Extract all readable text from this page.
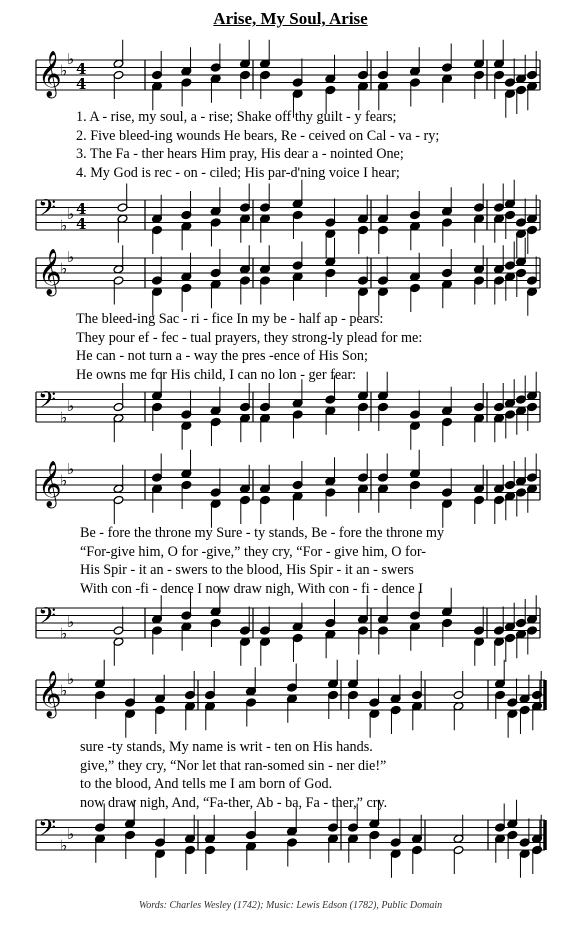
Arise, My Soul, Arise
𝄞
♭
♭
4
4
𝄢 ♭
♭ 4
4
𝄞
♭
♭
𝄢 ♭
♭
𝄞
♭
♭
𝄢 ♭
♭
𝄞
♭
♭
𝄢 ♭
♭
1. A - rise, my soul, a - rise; Shake off thy guilt - y fears;
2. Five bleed-ing wounds He bears, Re - ceived on Cal - va - ry;
3. The Fa - ther hears Him pray, His dear a - nointed One;
4. My God is rec - on - ciled; His par-d'ning voice I hear;
The bleed-ing Sac - ri - fice In my be - half ap - pears:
They pour ef - fec - tual prayers, they strong-ly plead for me:
He can - not turn a - way the pres -ence of His Son;
He owns me for His child, I can no lon - ger fear:
Be - fore the throne my Sure - ty stands, Be - fore the throne my
“For-give him, O for -give,” they cry, “For - give him, O for-
His Spir - it an - swers to the blood, His Spir - it an - swers
With con -fi - dence I now draw nigh, With con - fi - dence I
sure -ty stands, My name is writ - ten on His hands.
give,” they cry, “Nor let that ran-somed sin - ner die!”
to the blood, And tells me I am born of God.
now draw nigh, And, “Fa-ther, Ab - ba, Fa - ther,” cry.
Words: Charles Wesley (1742); Music: Lewis Edson (1782), Public Domain
